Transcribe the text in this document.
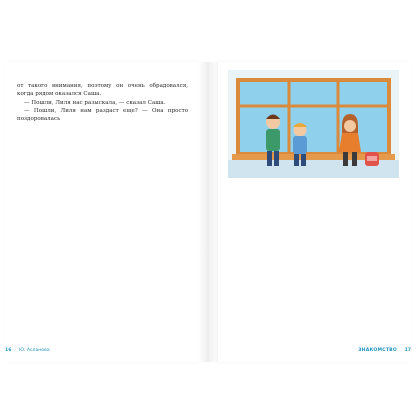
от такого внимания, поэтому он очень обрадовался, когда рядом оказался Саша.

— Пошли, Лиля нас разыскала, — сказал Саша.

— Пошли, Лиля нам раздаст еще? — Она просто поздоровалась

16 Ю. Асланова	ЗНАКОМСТВО 17
